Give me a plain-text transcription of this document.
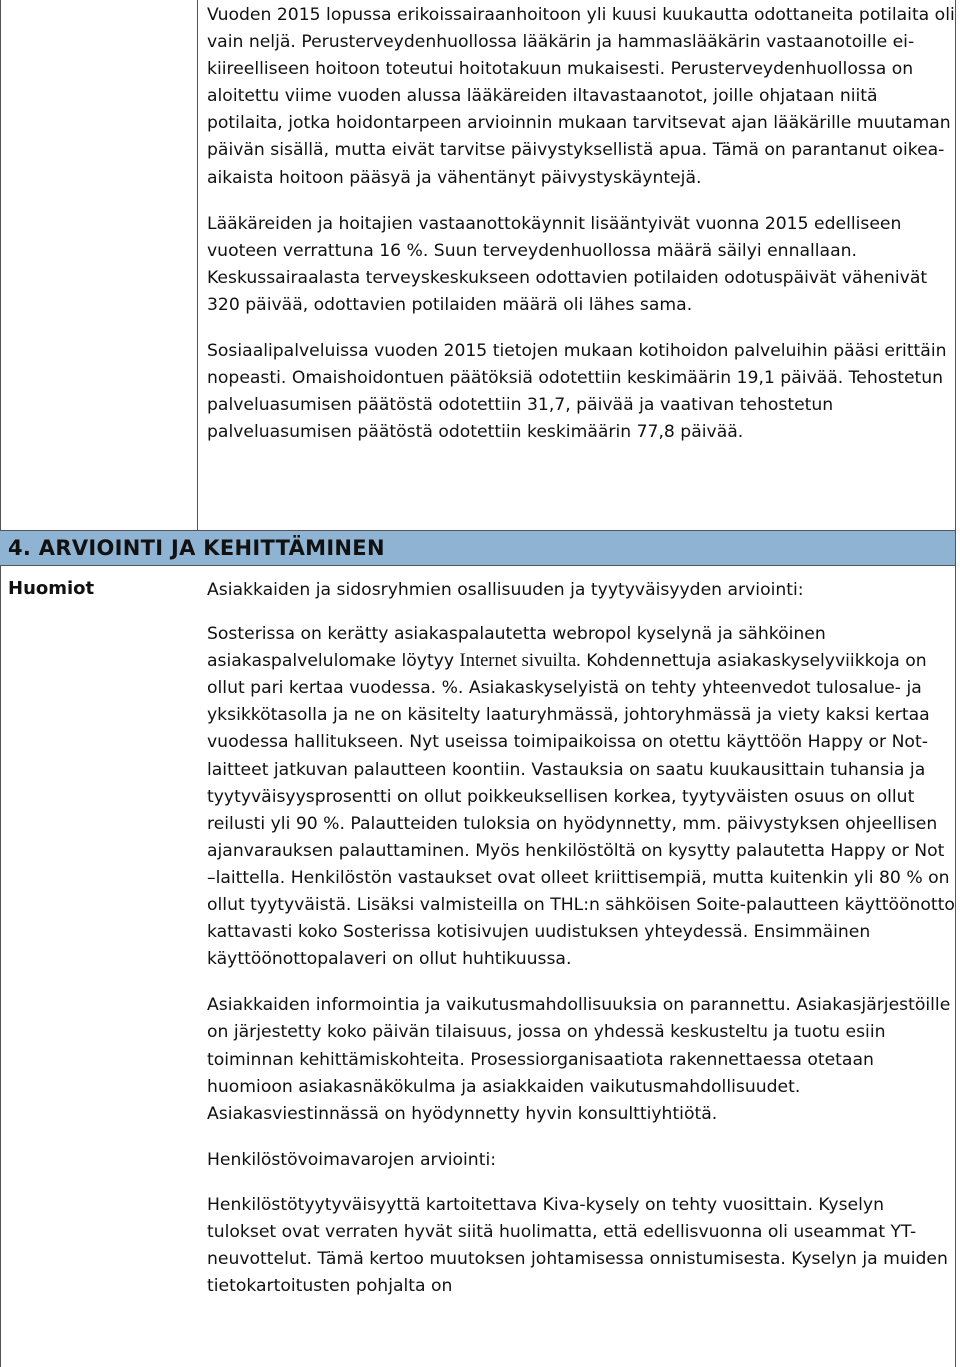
Vuoden 2015 lopussa erikoissairaanhoitoon yli kuusi kuukautta odottaneita potilaita oli vain neljä. Perusterveydenhuollossa lääkärin ja hammaslääkärin vastaanotoille ei-kiireelliseen hoitoon toteutui hoitotakuun mukaisesti. Perusterveydenhuollossa on aloitettu viime vuoden alussa lääkäreiden iltavastaanotot, joille ohjataan niitä potilaita, jotka hoidontarpeen arvioinnin mukaan tarvitsevat ajan lääkärille muutaman päivän sisällä, mutta eivät tarvitse päivystyksellistä apua. Tämä on parantanut oikea-aikaista hoitoon pääsyä ja vähentänyt päivystyskäyntejä.

Lääkäreiden ja hoitajien vastaanottokäynnit lisääntyivät vuonna 2015 edelliseen vuoteen verrattuna 16 %. Suun terveydenhuollossa määrä säilyi ennallaan. Keskussairaalasta terveyskeskukseen odottavien potilaiden odotuspäivät vähenivät 320 päivää, odottavien potilaiden määrä oli lähes sama.

Sosiaalipalveluissa vuoden 2015 tietojen mukaan kotihoidon palveluihin pääsi erittäin nopeasti. Omaishoidontuen päätöksiä odotettiin keskimäärin 19,1 päivää. Tehostetun palveluasumisen päätöstä odotettiin 31,7, päivää ja vaativan tehostetun palveluasumisen päätöstä odotettiin keskimäärin 77,8 päivää.

4. ARVIOINTI JA KEHITTÄMINEN
Huomiot	Asiakkaiden ja sidosryhmien osallisuuden ja tyytyväisyyden arviointi:

Sosterissa on kerätty asiakaspalautetta webropol kyselynä ja sähköinen asiakaspalvelulomake löytyy Internet sivuilta. Kohdennettuja asiakaskyselyviikkoja on ollut pari kertaa vuodessa. %. Asiakaskyselyistä on tehty yhteenvedot tulosalue- ja yksikkötasolla ja ne on käsitelty laaturyhmässä, johtoryhmässä ja viety kaksi kertaa vuodessa hallitukseen. Nyt useissa toimipaikoissa on otettu käyttöön Happy or Not-laitteet jatkuvan palautteen koontiin. Vastauksia on saatu kuukausittain tuhansia ja tyytyväisyysprosentti on ollut poikkeuksellisen korkea, tyytyväisten osuus on ollut reilusti yli 90 %. Palautteiden tuloksia on hyödynnetty, mm. päivystyksen ohjeellisen ajanvarauksen palauttaminen. Myös henkilöstöltä on kysytty palautetta Happy or Not –laittella. Henkilöstön vastaukset ovat olleet kriittisempiä, mutta kuitenkin yli 80 % on ollut tyytyväistä. Lisäksi valmisteilla on THL:n sähköisen Soite-palautteen käyttöönotto kattavasti koko Sosterissa kotisivujen uudistuksen yhteydessä. Ensimmäinen käyttöönottopalaveri on ollut huhtikuussa.

Asiakkaiden informointia ja vaikutusmahdollisuuksia on parannettu. Asiakasjärjestöille on järjestetty koko päivän tilaisuus, jossa on yhdessä keskusteltu ja tuotu esiin toiminnan kehittämiskohteita. Prosessiorganisaatiota rakennettaessa otetaan huomioon asiakasnäkökulma ja asiakkaiden vaikutusmahdollisuudet. Asiakasviestinnässä on hyödynnetty hyvin konsulttiyhtiötä.

Henkilöstövoimavarojen arviointi:

Henkilöstötyytyväisyyttä kartoitettava Kiva-kysely on tehty vuosittain. Kyselyn tulokset ovat verraten hyvät siitä huolimatta, että edellisvuonna oli useammat YT-neuvottelut. Tämä kertoo muutoksen johtamisessa onnistumisesta. Kyselyn ja muiden tietokartoitusten pohjalta on
